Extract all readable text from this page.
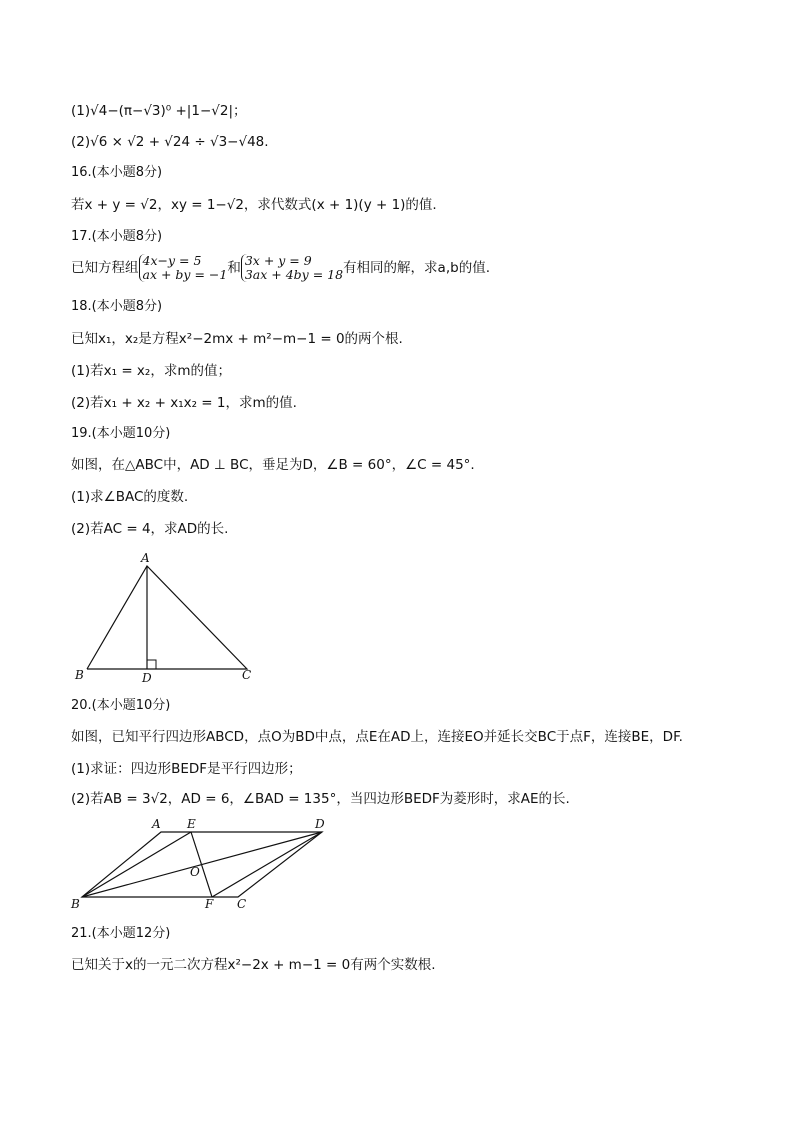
(1)√4−(π−√3)⁰ +|1−√2|；
(2)√6 × √2 + √24 ÷ √3−√48.
16.(本小题8分)
若x + y = √2，xy = 1−√2，求代数式(x + 1)(y + 1)的值.
17.(本小题8分)
已知方程组 4x−y = 5
ax + by = −1和 3x + y = 9
3ax + 4by = 18有相同的解，求a,b的值.
18.(本小题8分)
已知x₁，x₂是方程x²−2mx + m²−m−1 = 0的两个根.
(1)若x₁ = x₂，求m的值；
(2)若x₁ + x₂ + x₁x₂ = 1，求m的值.
19.(本小题10分)
如图，在△ABC中，AD ⊥ BC，垂足为D，∠B = 60°，∠C = 45°.
(1)求∠BAC的度数.
(2)若AC = 4，求AD的长.
A
B	C
D
20.(本小题10分)
如图，已知平行四边形ABCD，点O为BD中点，点E在AD上，连接EO并延长交BC于点F，连接BE，DF.
(1)求证：四边形BEDF是平行四边形；
(2)若AB = 3√2，AD = 6，∠BAD = 135°，当四边形BEDF为菱形时，求AE的长.
A E	D
O
B	F C
21.(本小题12分)
已知关于x的一元二次方程x²−2x + m−1 = 0有两个实数根.
